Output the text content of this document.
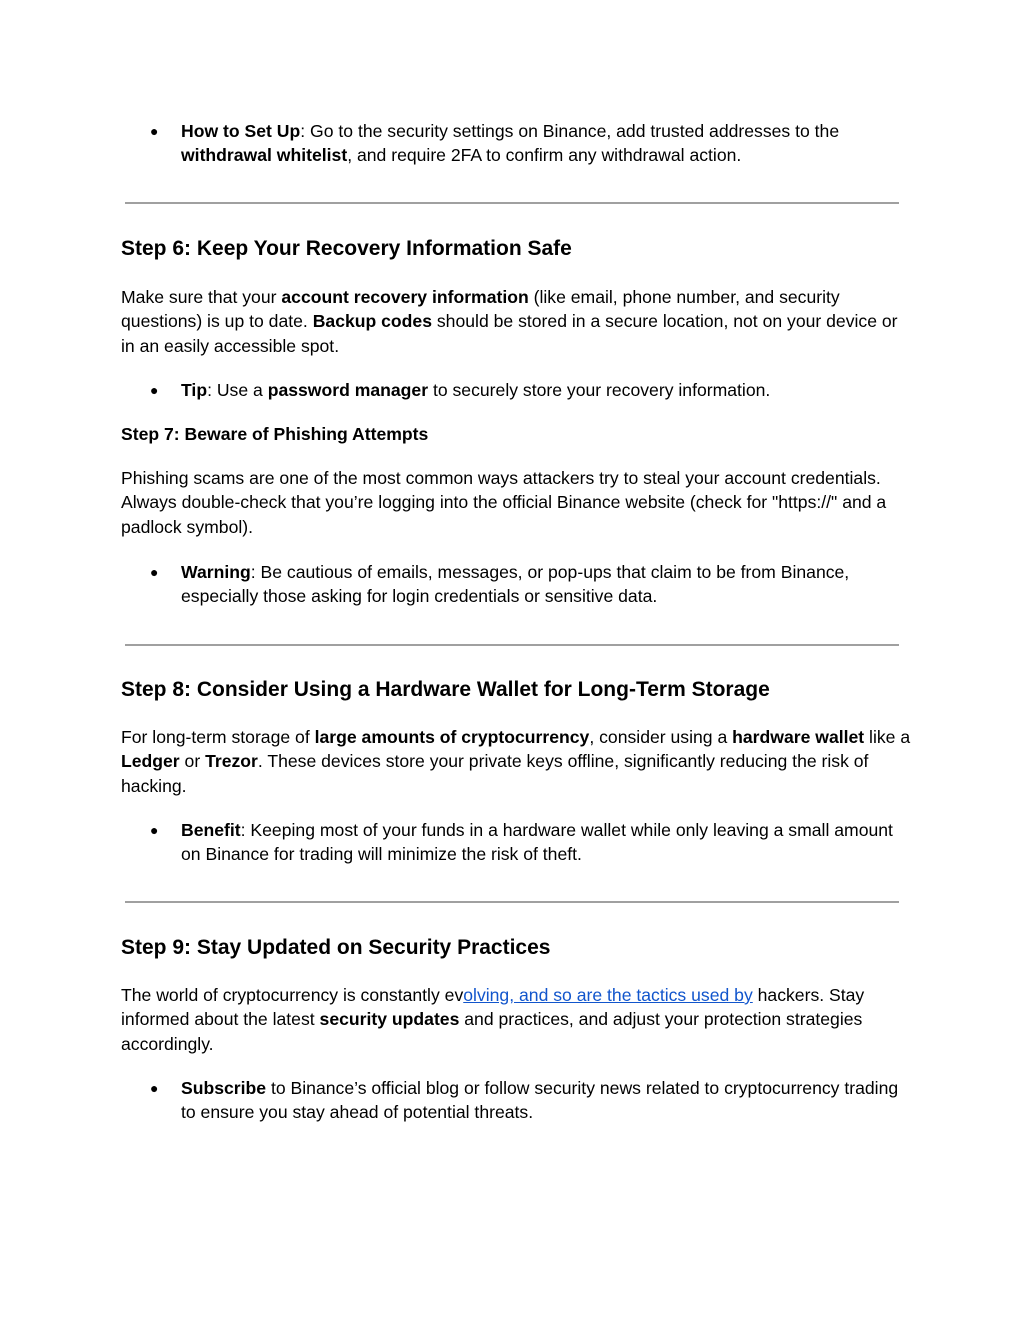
● How to Set Up: Go to the security settings on Binance, add trusted addresses to the withdrawal whitelist, and require 2FA to confirm any withdrawal action.
Step 6: Keep Your Recovery Information Safe

Make sure that your account recovery information (like email, phone number, and security questions) is up to date. Backup codes should be stored in a secure location, not on your device or in an easily accessible spot.

● Tip: Use a password manager to securely store your recovery information.
Step 7: Beware of Phishing Attempts

Phishing scams are one of the most common ways attackers try to steal your account credentials. Always double-check that you’re logging into the official Binance website (check for "https://" and a padlock symbol).

● Warning: Be cautious of emails, messages, or pop-ups that claim to be from Binance, especially those asking for login credentials or sensitive data.
Step 8: Consider Using a Hardware Wallet for Long-Term Storage

For long-term storage of large amounts of cryptocurrency, consider using a hardware wallet like a Ledger or Trezor. These devices store your private keys offline, significantly reducing the risk of hacking.

● Benefit: Keeping most of your funds in a hardware wallet while only leaving a small amount on Binance for trading will minimize the risk of theft.
Step 9: Stay Updated on Security Practices

The world of cryptocurrency is constantly evolving, and so are the tactics used by hackers. Stay informed about the latest security updates and practices, and adjust your protection strategies accordingly.

● Subscribe to Binance’s official blog or follow security news related to cryptocurrency trading to ensure you stay ahead of potential threats.
